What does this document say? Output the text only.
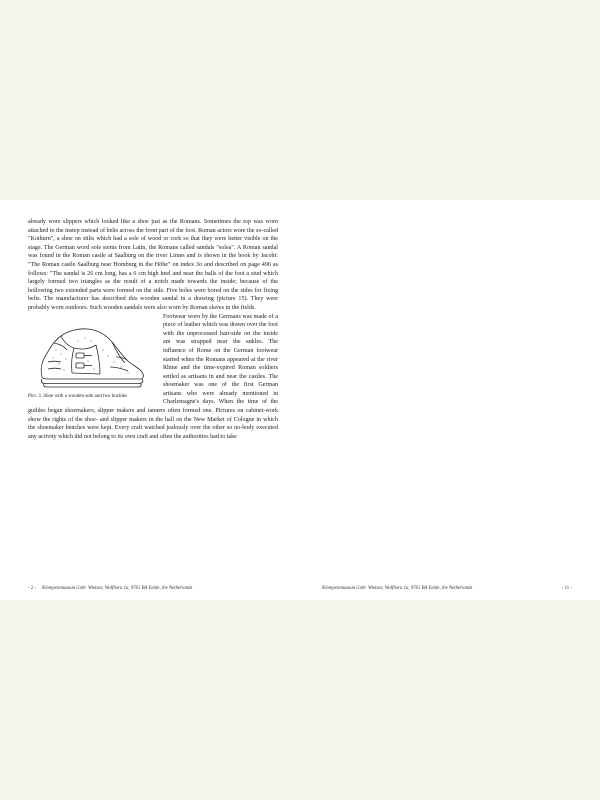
already wore slippers which looked like a shoe just as the Romans. Sometimes the top was worn attached to the instep instead of belts across the front part of the foot. Roman actors wore the so-called "Kothurn", a shoe on stilts which had a sole of wood or cork so that they were better visible on the stage. The German word sole stems from Latin, the Romans called sandals "solea". A Roman sandal was found in the Roman castle at Saalburg on the river Limes and is shown in the book by Jacobi: "The Roman castle Saalburg near Homburg in the Höhe" on index 3o and described on page 496 as follows: "The sandal is 26 cm long, has a 6 cm high heel and near the balls of the foot a stud which largely formed two triangles as the result of a notch made towards the inside; because of the hollowing two extended parts were formed on the side. Five holes were bored on the sides for fixing belts. The manufacturer has described this wooden sandal in a drawing (picture 15). They were probably worn outdoors. Such wooden sandals were also worn by Roman slaves in the fields.

Pict. 3. Shoe with a wooden sole and two buckles
Footwear worn by the Germans was made of a piece of leather which was drawn over the foot with the unprocessed hair-side on the inside am was strapped near the ankles. The influence of Rome on the German footwear started when the Romans appeared at the river Rhine and the time-expired Roman soldiers settled as artisans in and near the castles. The shoemaker was one of the first German artisans who were already mentioned in Charlemagne's days. When the time of the guildes began shoemakers, slipper makers and tanners often formed one. Pictures on cabinet-work show the rights of the shoe- and slipper makers in the hall on the New Market of Cologne in which the shoemaker benches were kept. Every craft watched jealously over the other so no-body executed any activity which did not belong to its own craft and often the authorities had to take
- 2 - Klompenmuseum Gebr. Wietzes, Wolfhorn 1a, 9761 BA Eelde, the Netherlands	Klompenmuseum Gebr. Wietzes, Wolfhorn 1a, 9761 BA Eelde, the Netherlands	- 11 -
